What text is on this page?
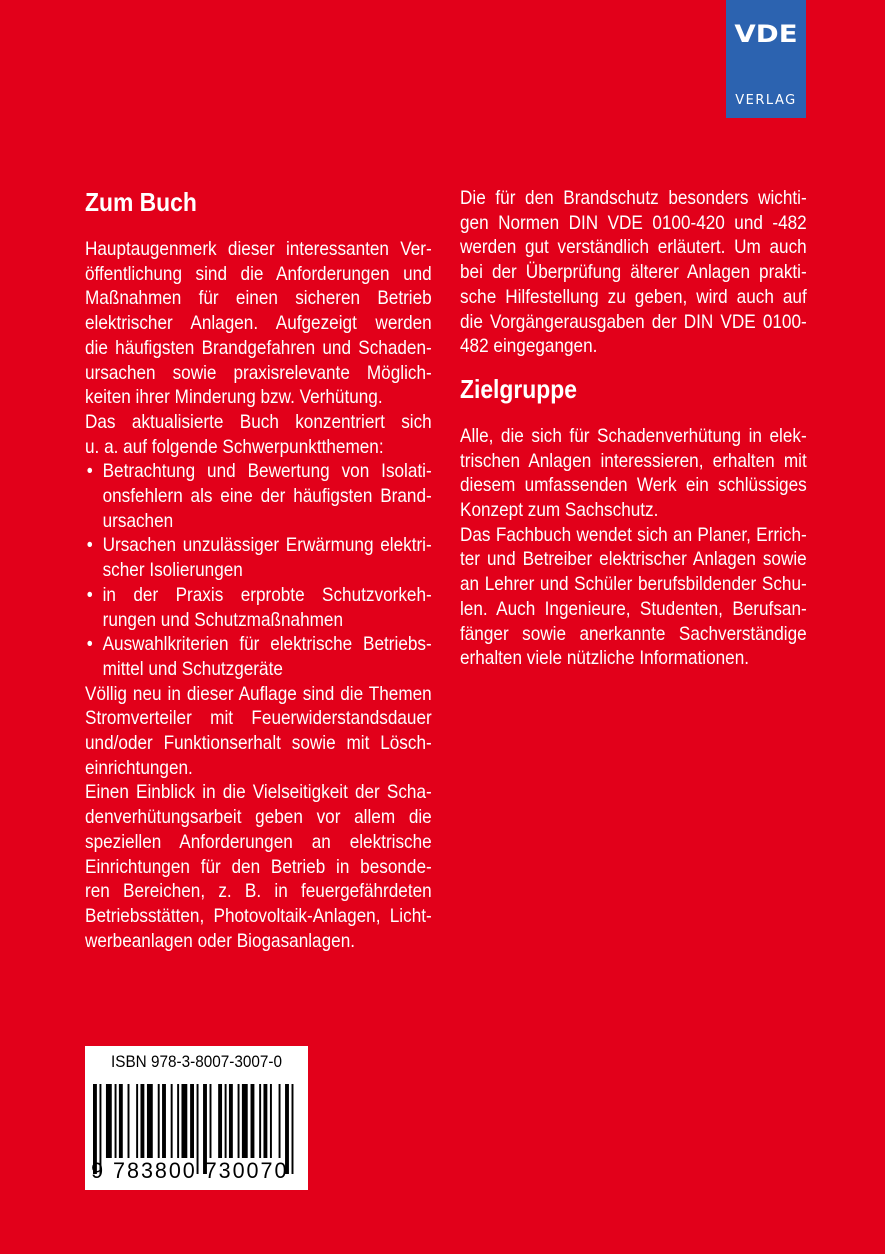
VDE
VERLAG
Zum Buch
Hauptaugenmerk dieser interessanten Ver-
öffentlichung sind die Anforderungen und
Maßnahmen für einen sicheren Betrieb
elektrischer Anlagen. Aufgezeigt werden
die häufigsten Brandgefahren und Schaden-
ursachen sowie praxisrelevante Möglich-
keiten ihrer Minderung bzw. Verhütung.
Das aktualisierte Buch konzentriert sich
u. a. auf folgende Schwerpunktthemen:
• Betrachtung und Bewertung von Isolati-
onsfehlern als eine der häufigsten Brand-
ursachen
• Ursachen unzulässiger Erwärmung elektri-
scher Isolierungen
• in der Praxis erprobte Schutzvorkeh-
rungen und Schutzmaßnahmen
• Auswahlkriterien für elektrische Betriebs-
mittel und Schutzgeräte
Völlig neu in dieser Auflage sind die Themen
Stromverteiler mit Feuerwiderstandsdauer
und/oder Funktionserhalt sowie mit Lösch-
einrichtungen.
Einen Einblick in die Vielseitigkeit der Scha-
denverhütungsarbeit geben vor allem die
speziellen Anforderungen an elektrische
Einrichtungen für den Betrieb in besonde-
ren Bereichen, z. B. in feuergefährdeten
Betriebsstätten, Photovoltaik-Anlagen, Licht-
werbeanlagen oder Biogasanlagen.
Die für den Brandschutz besonders wichti-
gen Normen DIN VDE 0100-420 und -482
werden gut verständlich erläutert. Um auch
bei der Überprüfung älterer Anlagen prakti-
sche Hilfestellung zu geben, wird auch auf
die Vorgängerausgaben der DIN VDE 0100-
482 eingegangen.
Zielgruppe
Alle, die sich für Schadenverhütung in elek-
trischen Anlagen interessieren, erhalten mit
diesem umfassenden Werk ein schlüssiges
Konzept zum Sachschutz.
Das Fachbuch wendet sich an Planer, Errich-
ter und Betreiber elektrischer Anlagen sowie
an Lehrer und Schüler berufsbildender Schu-
len. Auch Ingenieure, Studenten, Berufsan-
fänger sowie anerkannte Sachverständige
erhalten viele nützliche Informationen.
ISBN 978-3-8007-3007-0
9 783800 730070
